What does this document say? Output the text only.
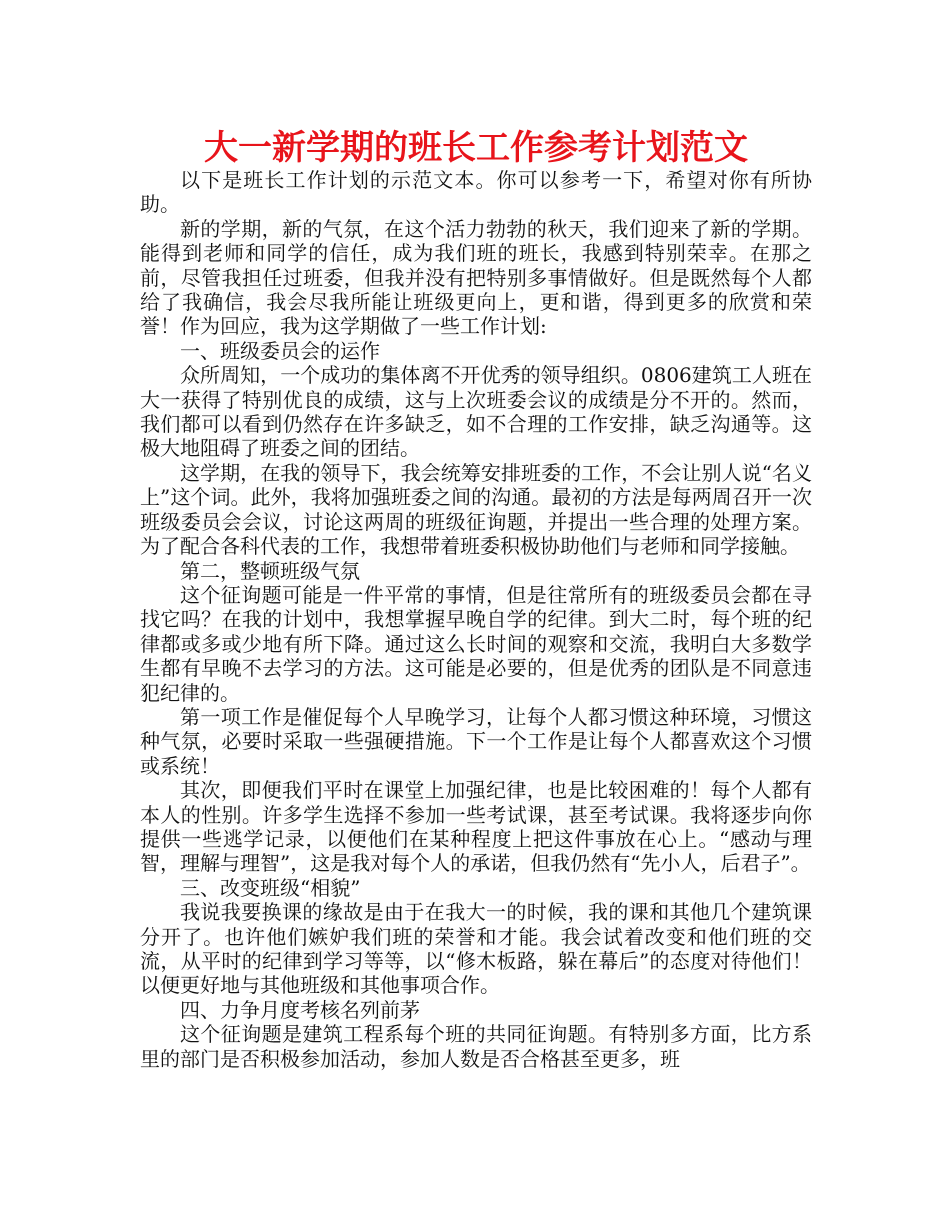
大一新学期的班长工作参考计划范文

以下是班长工作计划的示范文本。你可以参考一下，希望对你有所协助。

新的学期，新的气氛，在这个活力勃勃的秋天，我们迎来了新的学期。能得到老师和同学的信任，成为我们班的班长，我感到特别荣幸。在那之前，尽管我担任过班委，但我并没有把特别多事情做好。但是既然每个人都给了我确信，我会尽我所能让班级更向上，更和谐，得到更多的欣赏和荣誉！作为回应，我为这学期做了一些工作计划:

一、班级委员会的运作

众所周知，一个成功的集体离不开优秀的领导组织。0806建筑工人班在大一获得了特别优良的成绩，这与上次班委会议的成绩是分不开的。然而，我们都可以看到仍然存在许多缺乏，如不合理的工作安排，缺乏沟通等。这极大地阻碍了班委之间的团结。

这学期，在我的领导下，我会统筹安排班委的工作，不会让别人说“名义上”这个词。此外，我将加强班委之间的沟通。最初的方法是每两周召开一次班级委员会会议，讨论这两周的班级征询题，并提出一些合理的处理方案。为了配合各科代表的工作，我想带着班委积极协助他们与老师和同学接触。

第二，整顿班级气氛

这个征询题可能是一件平常的事情，但是往常所有的班级委员会都在寻找它吗？在我的计划中，我想掌握早晚自学的纪律。到大二时，每个班的纪律都或多或少地有所下降。通过这么长时间的观察和交流，我明白大多数学生都有早晚不去学习的方法。这可能是必要的，但是优秀的团队是不同意违犯纪律的。

第一项工作是催促每个人早晚学习，让每个人都习惯这种环境，习惯这种气氛，必要时采取一些强硬措施。下一个工作是让每个人都喜欢这个习惯或系统！

其次，即便我们平时在课堂上加强纪律，也是比较困难的！每个人都有本人的性别。许多学生选择不参加一些考试课，甚至考试课。我将逐步向你提供一些逃学记录，以便他们在某种程度上把这件事放在心上。“感动与理智，理解与理智”，这是我对每个人的承诺，但我仍然有“先小人，后君子”。

三、改变班级“相貌”

我说我要换课的缘故是由于在我大一的时候，我的课和其他几个建筑课分开了。也许他们嫉妒我们班的荣誉和才能。我会试着改变和他们班的交流，从平时的纪律到学习等等，以“修木板路，躲在幕后”的态度对待他们！以便更好地与其他班级和其他事项合作。

四、力争月度考核名列前茅

这个征询题是建筑工程系每个班的共同征询题。有特别多方面，比方系里的部门是否积极参加活动，参加人数是否合格甚至更多，班
